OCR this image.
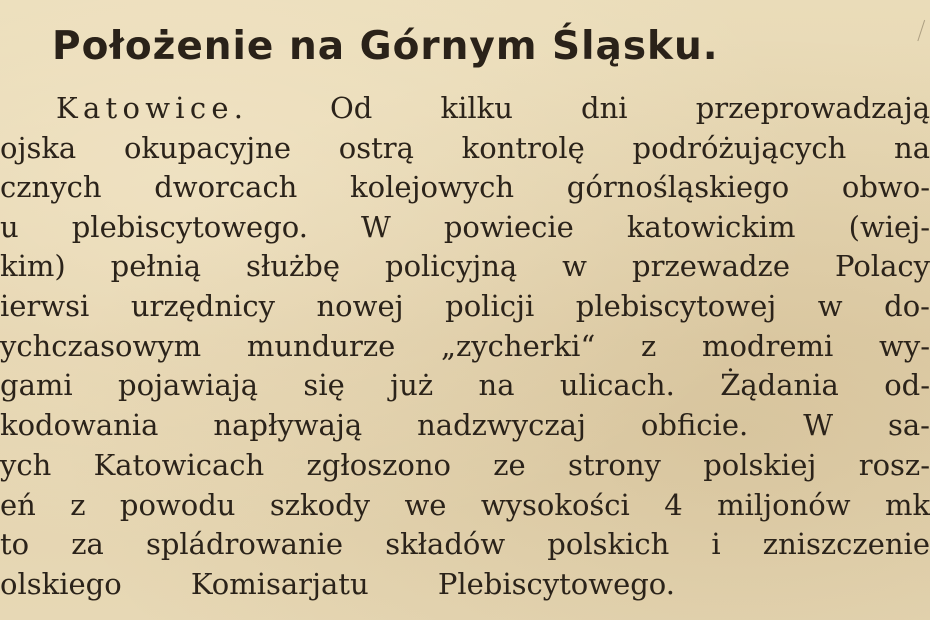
Położenie na Górnym Śląsku.
Katowice.	Od kilku dni przeprowadzają
ojska okupacyjne ostrą kontrolę podróżujących na
cznych dworcach kolejowych górnośląskiego obwo-
u plebiscytowego. W powiecie katowickim (wiej-
kim) pełnią służbę policyjną w przewadze Polacy
ierwsi urzędnicy nowej policji plebiscytowej w do-
ychczasowym mundurze „zycherki“ z modremi wy-
gami pojawiają się już na ulicach. Żądania od-
kodowania napływają nadzwyczaj obficie. W sa-
ych Katowicach zgłoszono ze strony polskiej rosz-
eń z powodu szkody we wysokości 4 miljonów mk
to za spládrowanie składów polskich i zniszczenie
olskiego Komisarjatu Plebiscytowego.
